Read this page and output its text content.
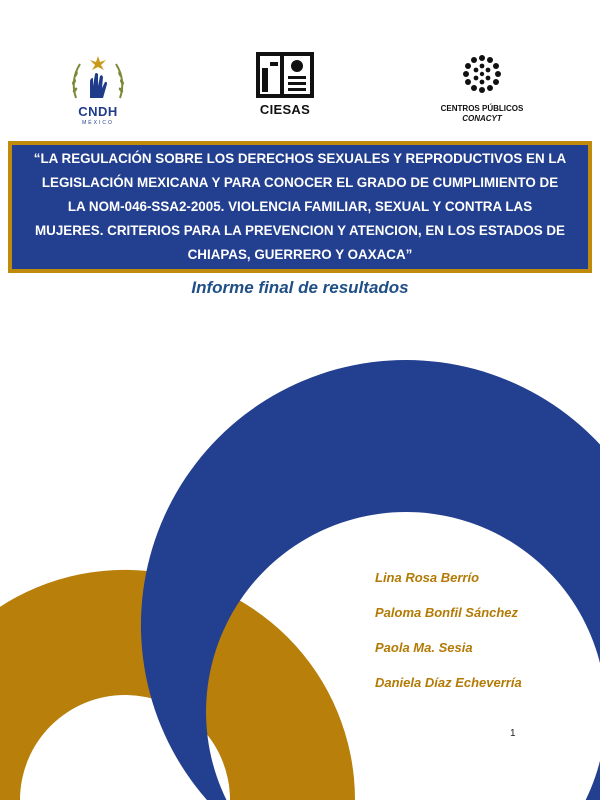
CNDH
MÉXICO
CIESAS	CENTROS PÚBLICOS
CONACYT

“LA REGULACIÓN SOBRE LOS DERECHOS SEXUALES Y REPRODUCTIVOS EN LA
LEGISLACIÓN MEXICANA Y PARA CONOCER EL GRADO DE CUMPLIMIENTO DE
LA NOM-046-SSA2-2005. VIOLENCIA FAMILIAR, SEXUAL Y CONTRA LAS
MUJERES. CRITERIOS PARA LA PREVENCION Y ATENCION, EN LOS ESTADOS DE
CHIAPAS, GUERRERO Y OAXACA”

Informe final de resultados
Lina Rosa Berrío
Paloma Bonfil Sánchez
Paola Ma. Sesia
Daniela Díaz Echeverría
1
